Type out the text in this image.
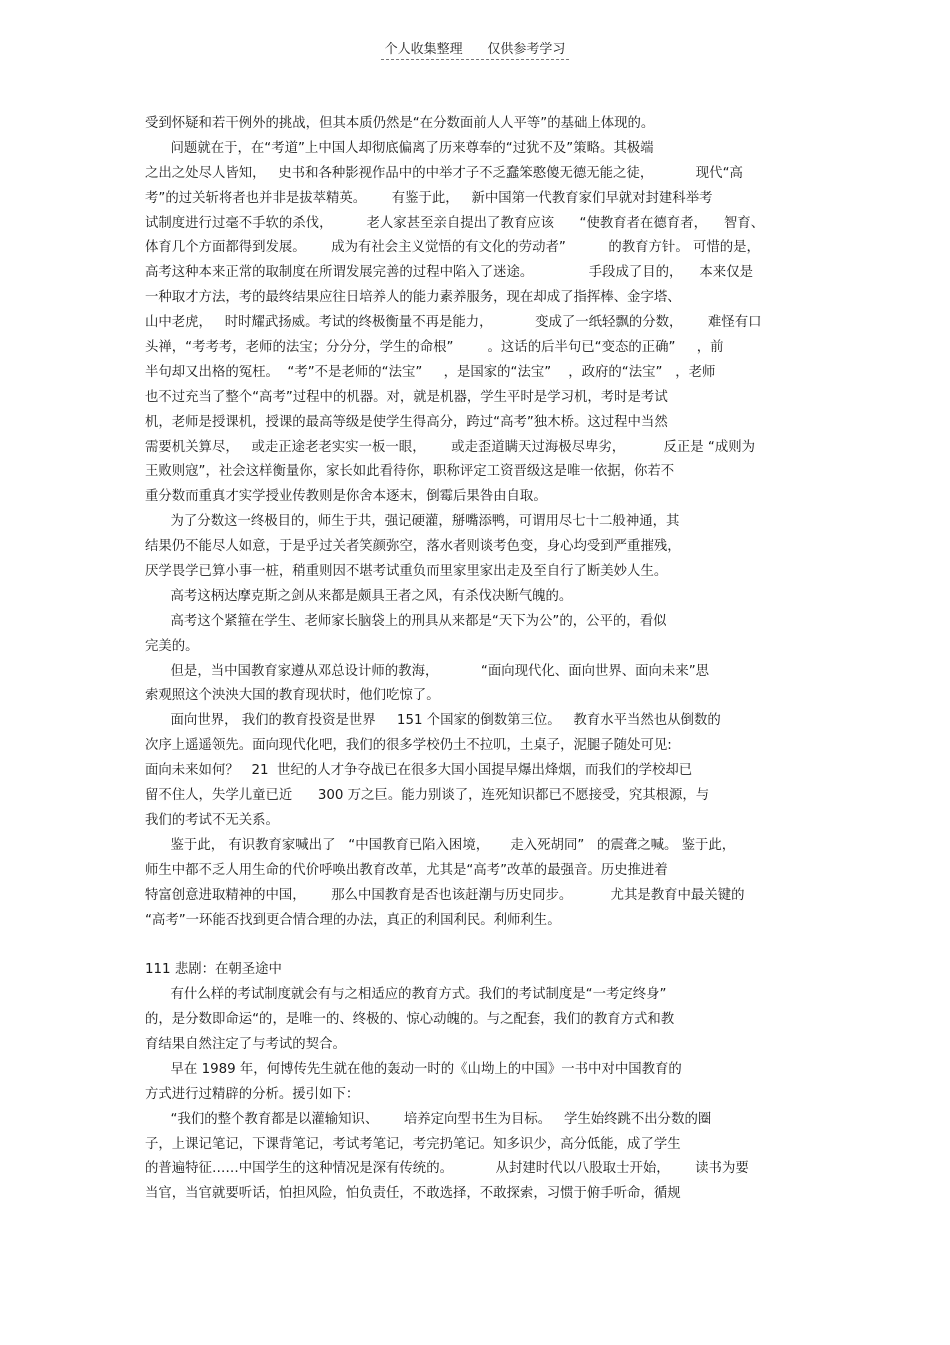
个人收集整理 仅供参考学习
受到怀疑和若干例外的挑战，但其本质仍然是“在分数面前人人平等”的基础上体现的。
问题就在于，在“考道”上中国人却彻底偏离了历来尊奉的“过犹不及”策略。其极端
之出之处尽人皆知，   史书和各种影视作品中的中举才子不乏蠢笨憨傻无德无能之徒，          现代“高
考”的过关斩将者也并非是拔萃精英。      有鉴于此，   新中国第一代教育家们早就对封建科举考
试制度进行过毫不手软的杀伐，        老人家甚至亲自提出了教育应该      “使教育者在德育者，    智育、
体育几个方面都得到发展。      成为有社会主义觉悟的有文化的劳动者”          的教育方针。 可惜的是，
高考这种本来正常的取制度在所谓发展完善的过程中陷入了迷途。             手段成了目的，    本来仅是
一种取才方法，考的最终结果应往日培养人的能力素养服务，现在却成了指挥棒、金字塔、
山中老虎，   时时耀武扬威。考试的终极衡量不再是能力，          变成了一纸轻飘的分数，      难怪有口
头禅，“考考考，老师的法宝；分分分，学生的命根”        。这话的后半句已“变态的正确”     ，前
半句却又出格的冤枉。  “考”不是老师的“法宝”     ，是国家的“法宝”    ，政府的“法宝”   ，老师
也不过充当了整个“高考”过程中的机器。对，就是机器，学生平时是学习机，考时是考试
机，老师是授课机，授课的最高等级是使学生得高分，跨过“高考”独木桥。这过程中当然
需要机关算尽，   或走正途老老实实一板一眼，      或走歪道瞒天过海极尽卑劣，         反正是 “成则为
王败则寇”，社会这样衡量你，家长如此看待你，职称评定工资晋级这是唯一依据，你若不
重分数而重真才实学授业传教则是你舍本逐末，倒霉后果咎由自取。
为了分数这一终极目的，师生于共，强记硬灌，掰嘴添鸭，可谓用尽七十二般神通，其
结果仍不能尽人如意，于是乎过关者笑颜弥空，落水者则谈考色变，身心均受到严重摧残，
厌学畏学已算小事一桩，稍重则因不堪考试重负而里家里家出走及至自行了断美妙人生。
高考这柄达摩克斯之剑从来都是颇具王者之风，有杀伐决断气魄的。
高考这个紧箍在学生、老师家长脑袋上的刑具从来都是“天下为公”的，公平的，看似
完美的。
但是，当中国教育家遵从邓总设计师的教海，          “面向现代化、面向世界、面向未来”思
索观照这个泱泱大国的教育现状时，他们吃惊了。
面向世界， 我们的教育投资是世界     151 个国家的倒数第三位。   教育水平当然也从倒数的
次序上遥遥领先。面向现代化吧，我们的很多学校仍土不拉叽，土桌子，泥腿子随处可见:
面向未来如何？   21  世纪的人才争夺战已在很多大国小国提早爆出烽烟，而我们的学校却已
留不住人，失学儿童已近      300 万之巨。能力别谈了，连死知识都已不愿接受，究其根源，与
我们的考试不无关系。
鉴于此， 有识教育家喊出了   “中国教育已陷入困境，     走入死胡同”   的震聋之喊。 鉴于此，
师生中都不乏人用生命的代价呼唤出教育改革，尤其是“高考”改革的最强音。历史推进着
特富创意进取精神的中国，      那么中国教育是否也该赶潮与历史同步。         尤其是教育中最关键的
“高考”一环能否找到更合情合理的办法，真正的利国利民。利师利生。
111 悲剧：在朝圣途中
有什么样的考试制度就会有与之相适应的教育方式。我们的考试制度是“一考定终身”
的，是分数即命运“的，是唯一的、终极的、惊心动魄的。与之配套，我们的教育方式和教
育结果自然注定了与考试的契合。
早在 1989 年，何博传先生就在他的轰动一时的《山坳上的中国》一书中对中国教育的
方式进行过精辟的分析。援引如下：
“我们的整个教育都是以灌输知识、      培养定向型书生为目标。   学生始终跳不出分数的圈
子，上课记笔记，下课背笔记，考试考笔记，考完扔笔记。知多识少，高分低能，成了学生
的普遍特征……中国学生的这种情况是深有传统的。          从封建时代以八股取士开始，      读书为要
当官，当官就要听话，怕担风险，怕负责任，不敢选择，不敢探索，习惯于俯手听命，循规
